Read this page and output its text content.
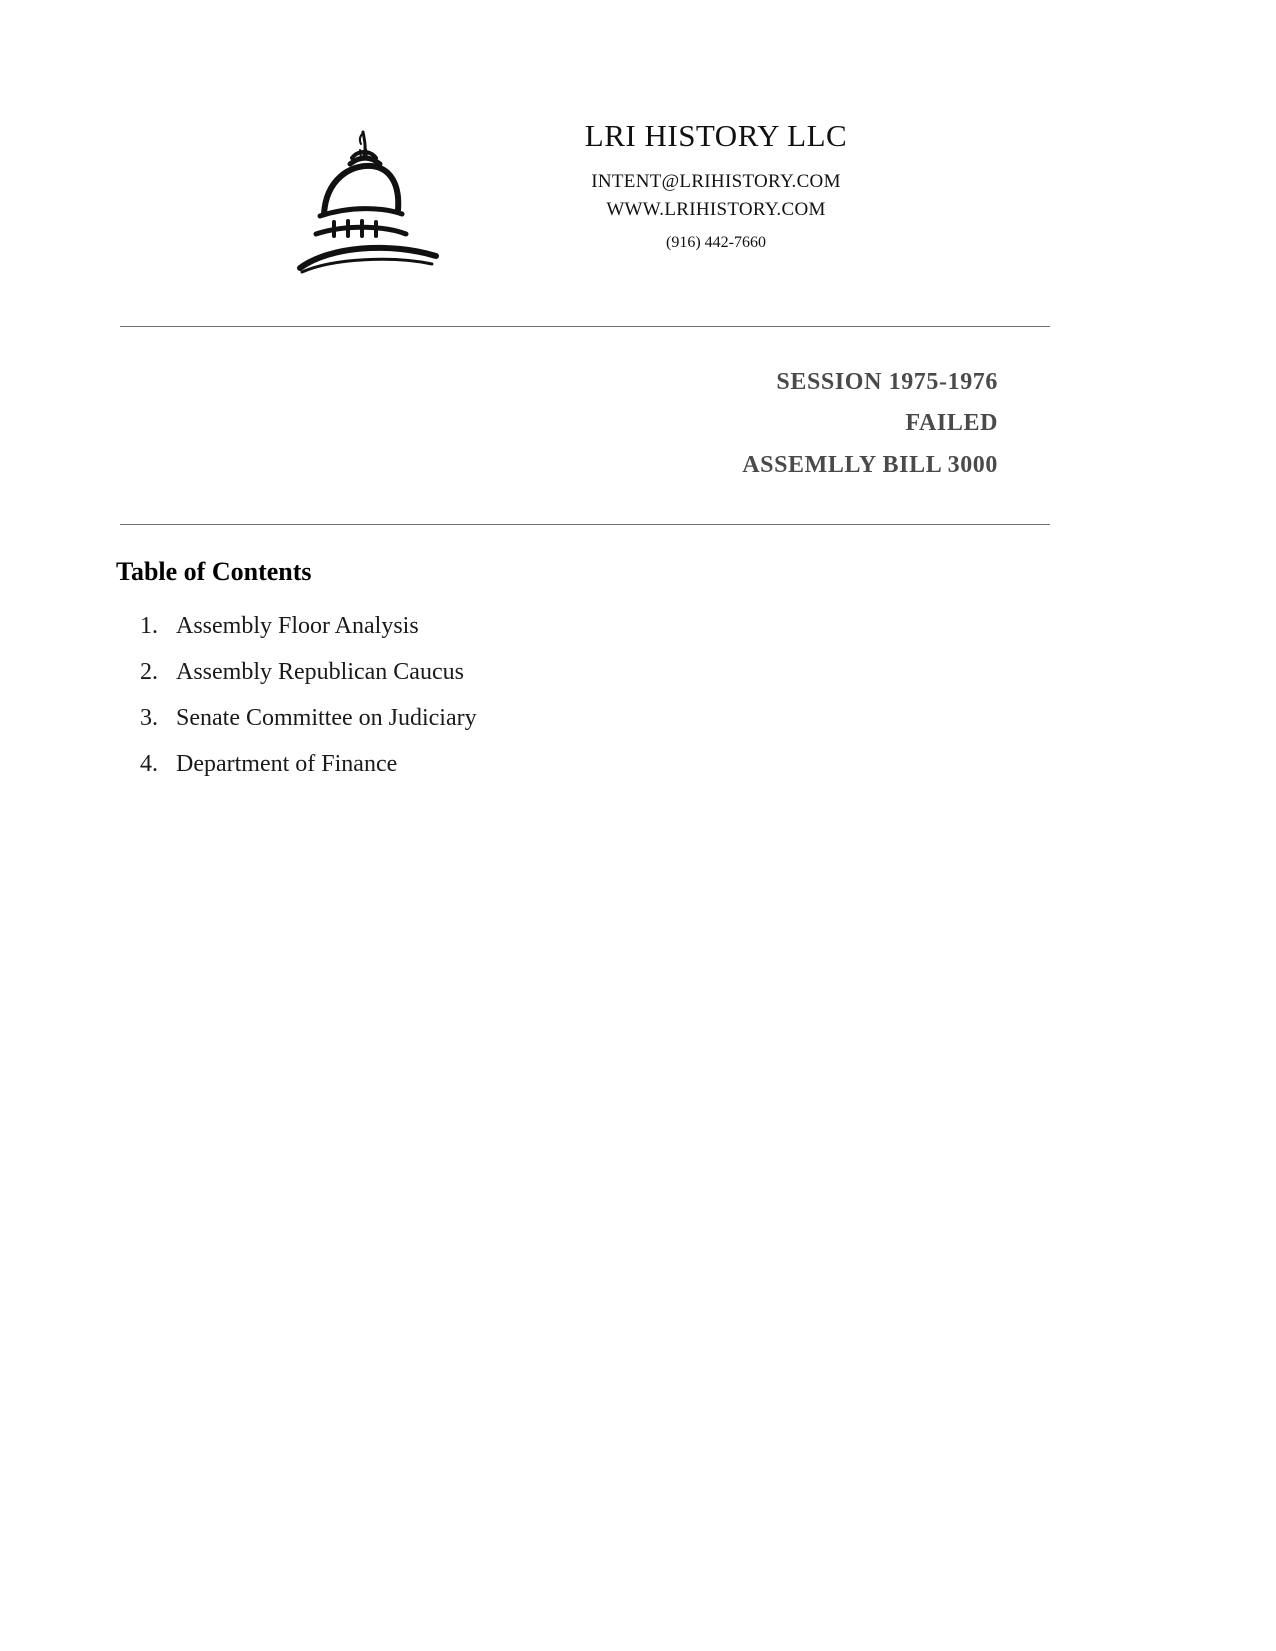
LRI HISTORY LLC
INTENT@LRIHISTORY.COM
WWW.LRIHISTORY.COM
(916) 442-7660
SESSION 1975-1976
FAILED
ASSEMLLY BILL 3000
Table of Contents
1. Assembly Floor Analysis
2. Assembly Republican Caucus
3. Senate Committee on Judiciary
4. Department of Finance
